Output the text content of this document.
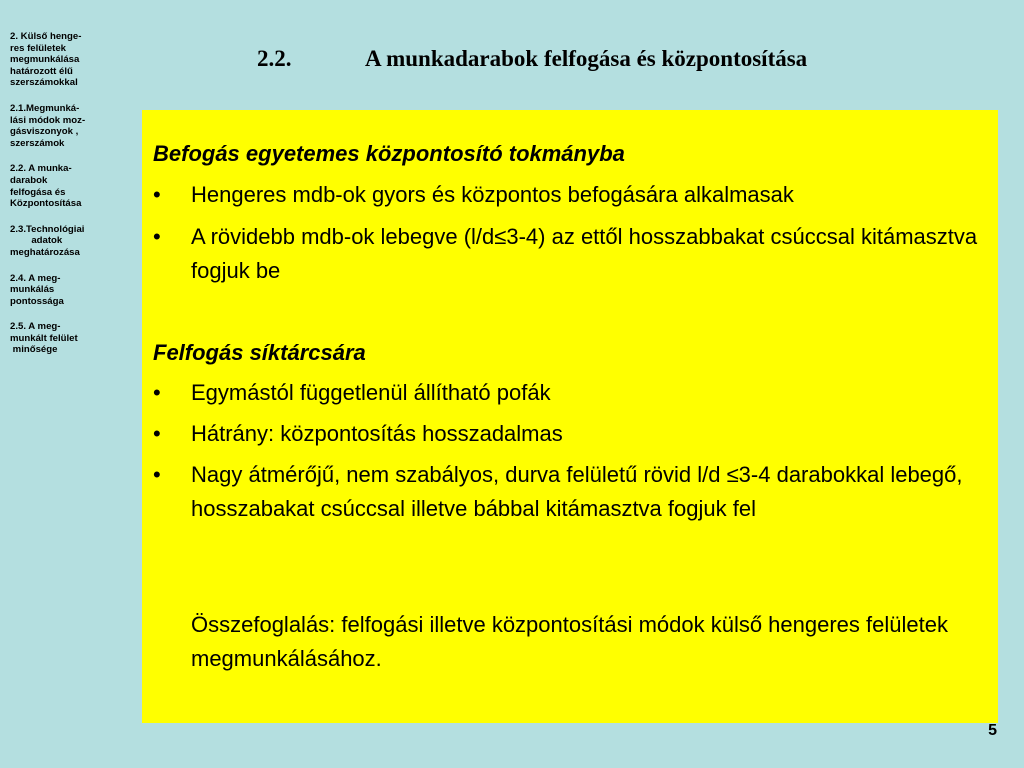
2. Külső henge-
res felületek
megmunkálása
határozott élű
szerszámokkal
2.1.Megmunká-
lási módok moz-
gásviszonyok ,
szerszámok
2.2. A munka-
darabok
felfogása és
Központosítása
2.3.Technológiai
adatok
meghatározása
2.4. A meg-
munkálás
pontossága
2.5. A meg-
munkált felület
minősége
2.2.	A munkadarabok felfogása és központosítása
Befogás egyetemes központosító tokmányba
• Hengeres mdb-ok gyors és központos befogására alkalmasak
• A rövidebb mdb-ok lebegve (l/d≤3-4) az ettől hosszabbakat csúccsal kitámasztva fogjuk be
Felfogás síktárcsára
• Egymástól függetlenül állítható pofák
• Hátrány: központosítás hosszadalmas
• Nagy átmérőjű, nem szabályos, durva felületű rövid l/d ≤3-4 darabokkal lebegő, hosszabakat csúccsal illetve bábbal kitámasztva fogjuk fel
Összefoglalás: felfogási illetve központosítási módok külső hengeres felületek megmunkálásához.
5
